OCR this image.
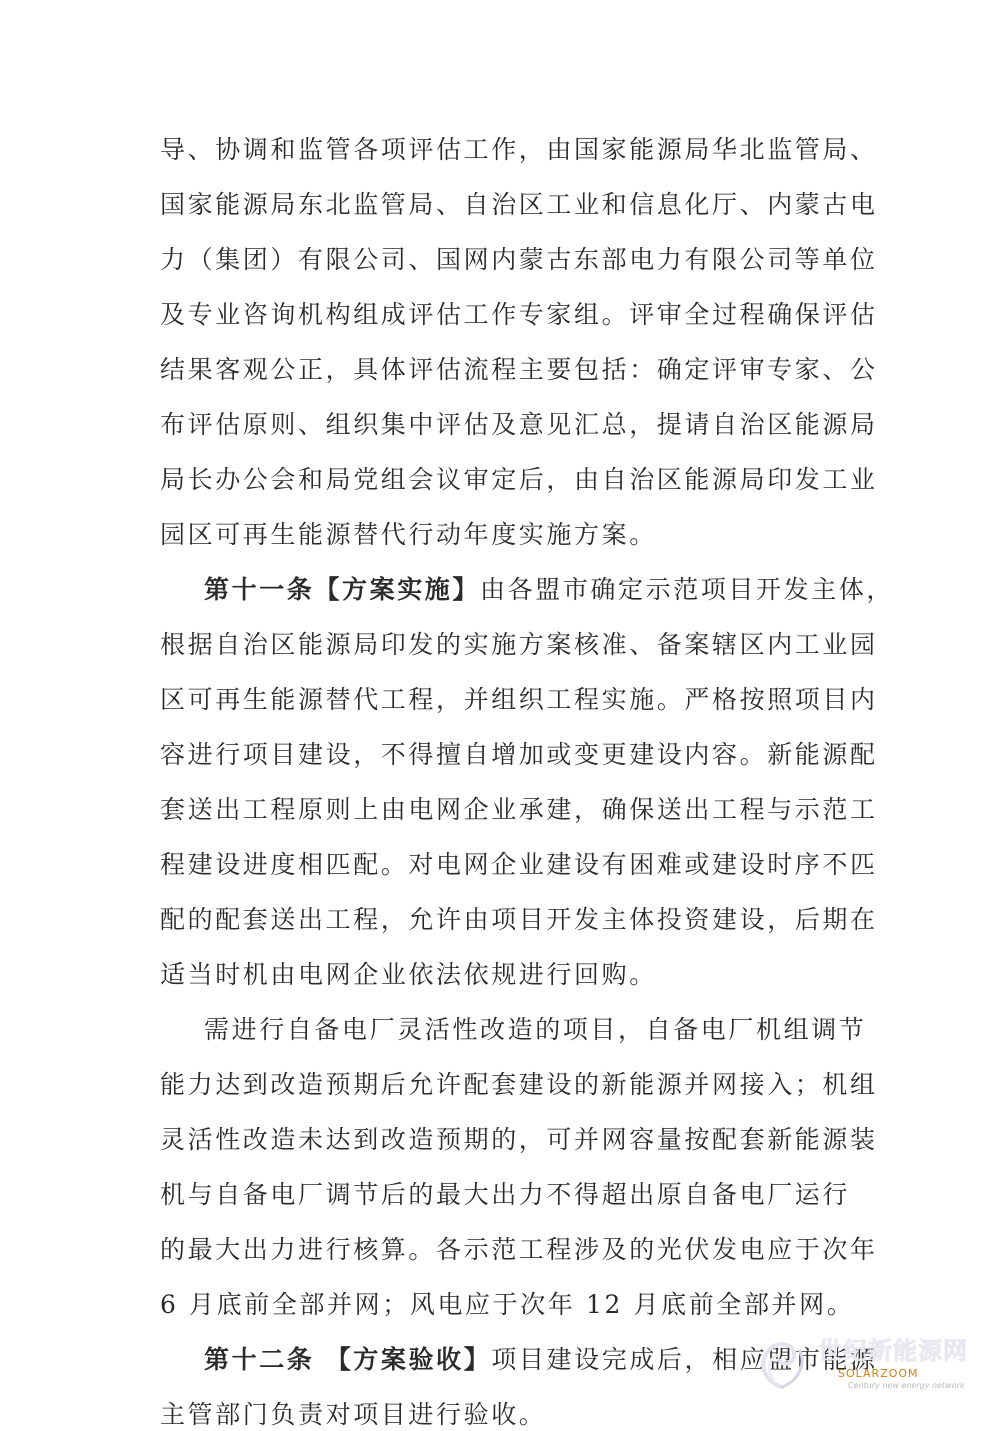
导、协调和监管各项评估工作，由国家能源局华北监管局、
国家能源局东北监管局、自治区工业和信息化厅、内蒙古电
力（集团）有限公司、国网内蒙古东部电力有限公司等单位
及专业咨询机构组成评估工作专家组。评审全过程确保评估
结果客观公正，具体评估流程主要包括：确定评审专家、公
布评估原则、组织集中评估及意见汇总，提请自治区能源局
局长办公会和局党组会议审定后，由自治区能源局印发工业
园区可再生能源替代行动年度实施方案。
第十一条【方案实施】由各盟市确定示范项目开发主体，
根据自治区能源局印发的实施方案核准、备案辖区内工业园
区可再生能源替代工程，并组织工程实施。严格按照项目内
容进行项目建设，不得擅自增加或变更建设内容。新能源配
套送出工程原则上由电网企业承建，确保送出工程与示范工
程建设进度相匹配。对电网企业建设有困难或建设时序不匹
配的配套送出工程，允许由项目开发主体投资建设，后期在
适当时机由电网企业依法依规进行回购。
需进行自备电厂灵活性改造的项目，自备电厂机组调节
能力达到改造预期后允许配套建设的新能源并网接入；机组
灵活性改造未达到改造预期的，可并网容量按配套新能源装
机与自备电厂调节后的最大出力不得超出原自备电厂运行
的最大出力进行核算。各示范工程涉及的光伏发电应于次年
6 月底前全部并网；风电应于次年 12 月底前全部并网。
第十二条 【方案验收】项目建设完成后，相应盟市能源
主管部门负责对项目进行验收。
世纪新能源网
SOLARZOOM
Century new energy network
